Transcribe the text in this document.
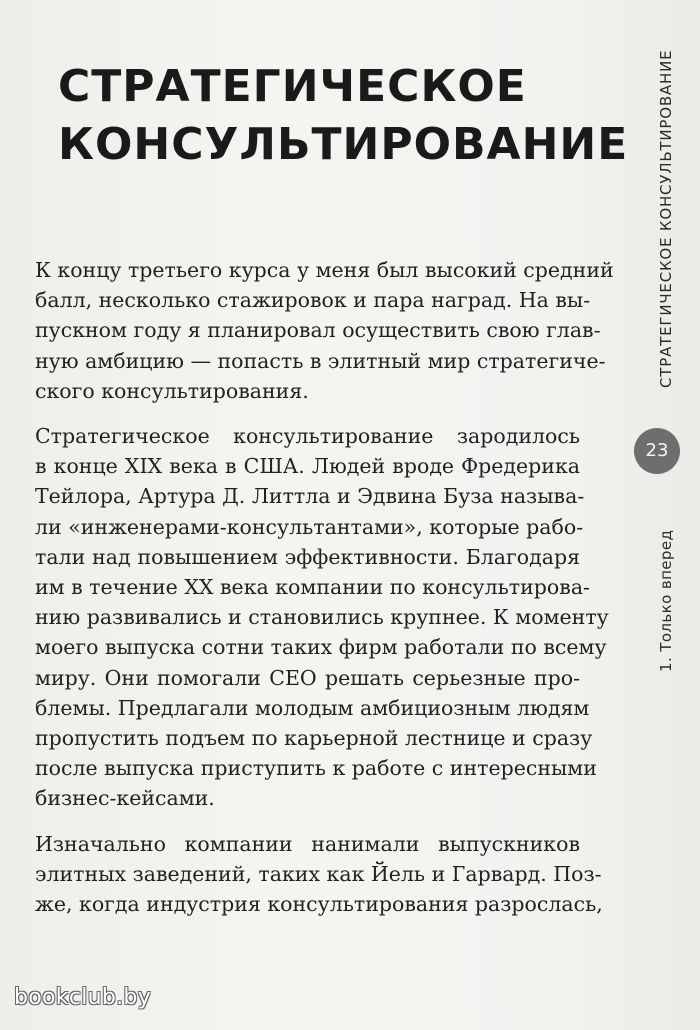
СТРАТЕГИЧЕСКОЕ
КОНСУЛЬТИРОВАНИЕ

К концу третьего курса у меня был высокий средний
балл, несколько стажировок и пара наград. На вы-
пускном году я планировал осуществить свою глав-
ную амбицию — попасть в элитный мир стратегиче-
ского консультирования.

Стратегическое консультирование зародилось
в конце XIX века в США. Людей вроде Фредерика
Тейлора, Артура Д. Литтла и Эдвина Буза называ-
ли «инженерами-консультантами», которые рабо-
тали над повышением эффективности. Благодаря
им в течение XX века компании по консультирова-
нию развивались и становились крупнее. К моменту
моего выпуска сотни таких фирм работали по всему
миру. Они помогали CEO решать серьезные про-
блемы. Предлагали молодым амбициозным людям
пропустить подъем по карьерной лестнице и сразу
после выпуска приступить к работе с интересными
бизнес-кейсами.

Изначально компании нанимали выпускников
элитных заведений, таких как Йель и Гарвард. Поз-
же, когда индустрия консультирования разрослась,

СТРАТЕГИЧЕСКОЕ КОНСУЛЬТИРОВАНИЕ
23
1. Только вперед
bookclub.by
